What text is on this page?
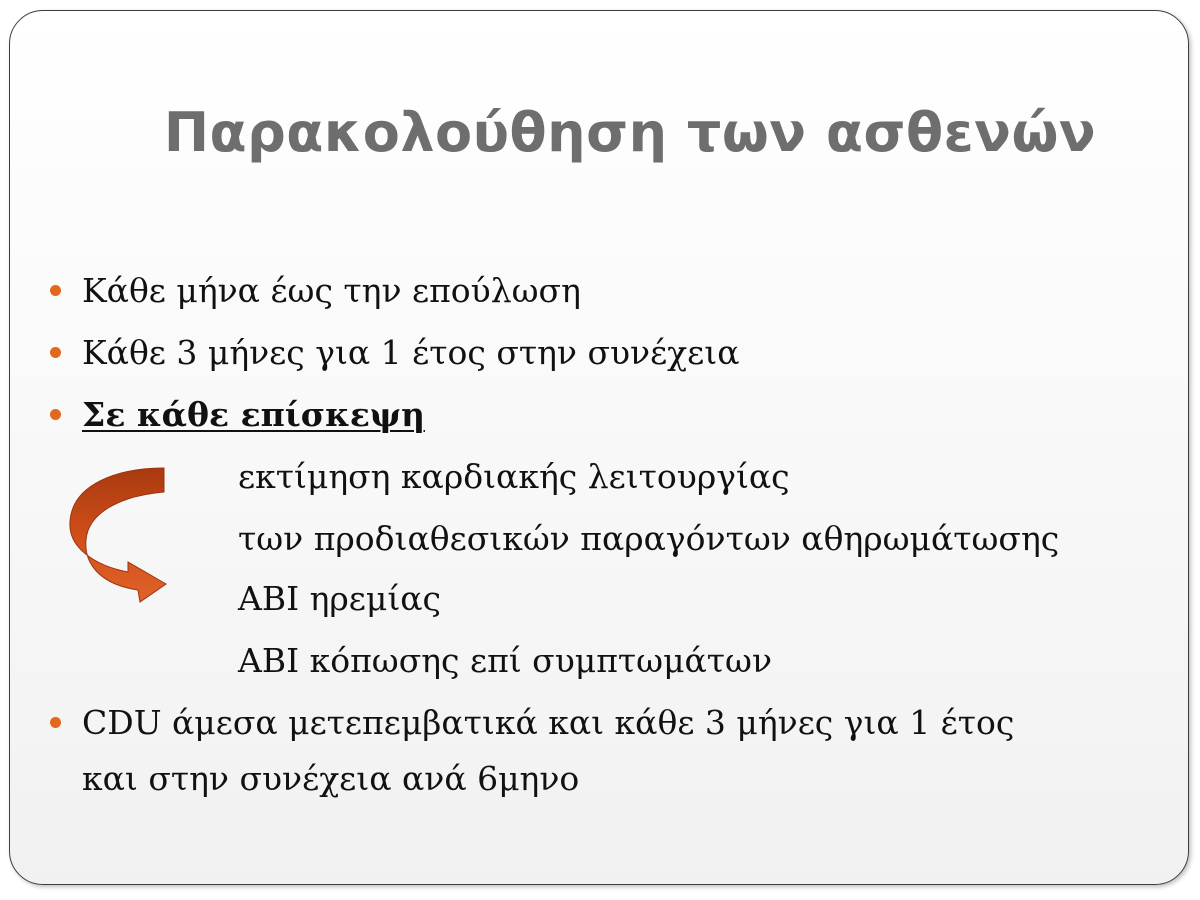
Παρακολούθηση των ασθενών
Κάθε μήνα έως την επούλωση
Κάθε 3 μήνες για 1 έτος στην συνέχεια
Σε κάθε επίσκεψη
εκτίμηση καρδιακής λειτουργίας
των προδιαθεσικών παραγόντων αθηρωμάτωσης
ABI ηρεμίας
ABI κόπωσης επί συμπτωμάτων
CDU άμεσα μετεπεμβατικά και κάθε 3 μήνες για 1 έτος
και στην συνέχεια ανά 6μηνο
